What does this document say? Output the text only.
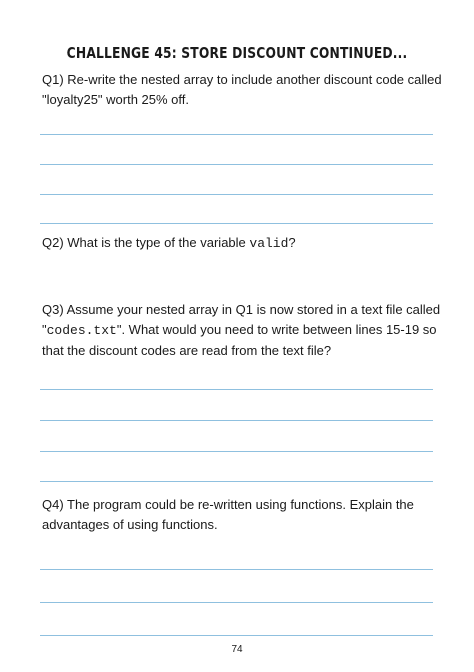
CHALLENGE 45: STORE DISCOUNT CONTINUED...

Q1) Re-write the nested array to include another discount code called "loyalty25" worth 25% off.

Q2) What is the type of the variable valid?

Q3) Assume your nested array in Q1 is now stored in a text file called "codes.txt". What would you need to write between lines 15-19 so that the discount codes are read from the text file?

Q4) The program could be re-written using functions. Explain the advantages of using functions.

74
